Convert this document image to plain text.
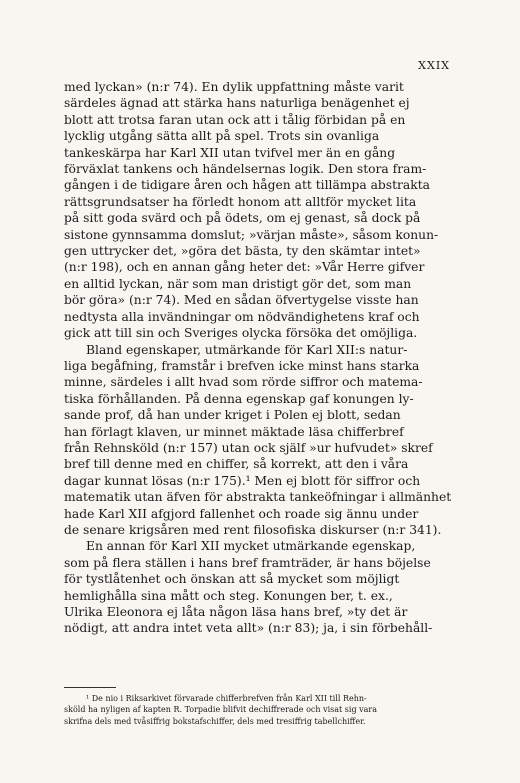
XXIX
med lyckan» (n:r 74). En dylik uppfattning måste varit
särdeles ägnad att stärka hans naturliga benägenhet ej
blott att trotsa faran utan ock att i tålig förbidan på en
lycklig utgång sätta allt på spel. Trots sin ovanliga
tankeskärpa har Karl XII utan tvifvel mer än en gång
förväxlat tankens och händelsernas logik. Den stora fram-
gången i de tidigare åren och hågen att tillämpa abstrakta
rättsgrundsatser ha förledt honom att alltför mycket lita
på sitt goda svärd och på ödets, om ej genast, så dock på
sistone gynnsamma domslut; »värjan måste», såsom konun-
gen uttrycker det, »göra det bästa, ty den skämtar intet»
(n:r 198), och en annan gång heter det: »Vår Herre gifver
en alltid lyckan, när som man dristigt gör det, som man
bör göra» (n:r 74). Med en sådan öfvertygelse visste han
nedtysta alla invändningar om nödvändighetens kraf och
gick att till sin och Sveriges olycka försöka det omöjliga.
Bland egenskaper, utmärkande för Karl XII:s natur-
liga begåfning, framstår i brefven icke minst hans starka
minne, särdeles i allt hvad som rörde siffror och matema-
tiska förhållanden. På denna egenskap gaf konungen ly-
sande prof, då han under kriget i Polen ej blott, sedan
han förlagt klaven, ur minnet mäktade läsa chifferbref
från Rehnsköld (n:r 157) utan ock själf »ur hufvudet» skref
bref till denne med en chiffer, så korrekt, att den i våra
dagar kunnat lösas (n:r 175).¹ Men ej blott för siffror och
matematik utan äfven för abstrakta tankeöfningar i allmänhet
hade Karl XII afgjord fallenhet och roade sig ännu under
de senare krigsåren med rent filosofiska diskurser (n:r 341).
En annan för Karl XII mycket utmärkande egenskap,
som på flera ställen i hans bref framträder, är hans böjelse
för tystlåtenhet och önskan att så mycket som möjligt
hemlighålla sina mått och steg. Konungen ber, t. ex.,
Ulrika Eleonora ej låta någon läsa hans bref, »ty det är
nödigt, att andra intet veta allt» (n:r 83); ja, i sin förbehåll-
¹ De nio i Riksarkivet förvarade chifferbrefven från Karl XII till Rehn-
sköld ha nyligen af kapten R. Torpadie blifvit dechiffrerade och visat sig vara
skrifna dels med tvåsiffrig bokstafschiffer, dels med tresiffrig tabellchiffer.
